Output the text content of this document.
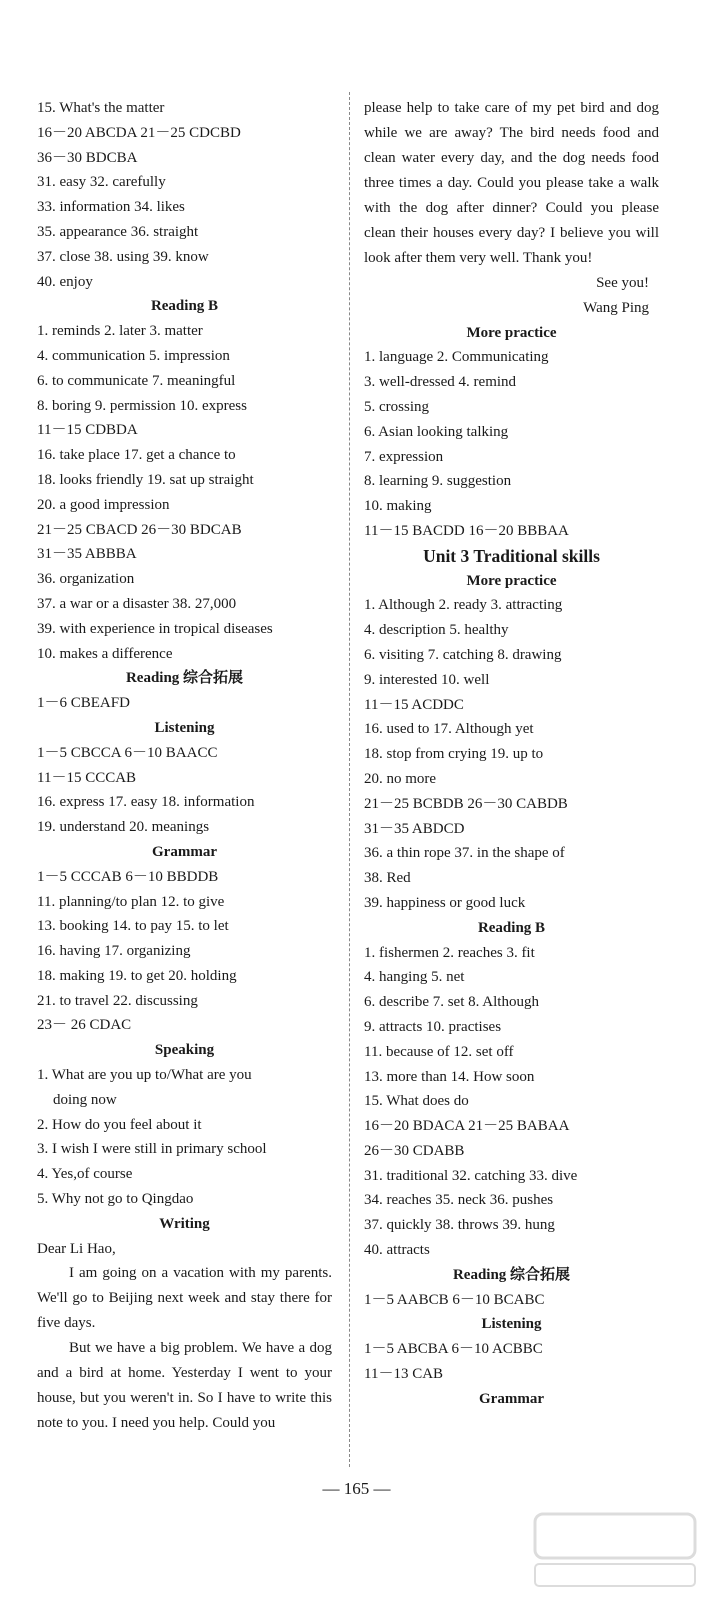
15. What's the matter
16－20 ABCDA 21－25 CDCBD
36－30 BDCBA
31. easy 32. carefully
33. information 34. likes
35. appearance 36. straight
37. close 38. using 39. know
40. enjoy
Reading B
1. reminds 2. later 3. matter
4. communication 5. impression
6. to communicate 7. meaningful
8. boring 9. permission 10. express
11－15 CDBDA
16. take place 17. get a chance to
18. looks friendly 19. sat up straight
20. a good impression
21－25 CBACD 26－30 BDCAB
31－35 ABBBA
36. organization
37. a war or a disaster 38. 27,000
39. with experience in tropical diseases
10. makes a difference
Reading 综合拓展
1－6 CBEAFD
Listening
1－5 CBCCA 6－10 BAACC
11－15 CCCAB
16. express 17. easy 18. information
19. understand 20. meanings
Grammar
1－5 CCCAB 6－10 BBDDB
11. planning/to plan 12. to give
13. booking 14. to pay 15. to let
16. having 17. organizing
18. making 19. to get 20. holding
21. to travel 22. discussing
23－ 26 CDAC
Speaking
1. What are you up to/What are you
doing now
2. How do you feel about it
3. I wish I were still in primary school
4. Yes,of course
5. Why not go to Qingdao
Writing
Dear Li Hao,

I am going on a vacation with my parents. We'll go to Beijing next week and stay there for five days.

But we have a big problem. We have a dog and a bird at home. Yesterday I went to your house, but you weren't in. So I have to write this note to you. I need you help. Could you

please help to take care of my pet bird and dog while we are away? The bird needs food and clean water every day, and the dog needs food three times a day. Could you please take a walk with the dog after dinner? Could you please clean their houses every day? I believe you will look after them very well. Thank you!

See you!
Wang Ping
More practice
1. language 2. Communicating
3. well-dressed 4. remind
5. crossing
6. Asian looking talking
7. expression
8. learning 9. suggestion
10. making
11－15 BACDD 16－20 BBBAA
Unit 3 Traditional skills
More practice
1. Although 2. ready 3. attracting
4. description 5. healthy
6. visiting 7. catching 8. drawing
9. interested 10. well
11－15 ACDDC
16. used to 17. Although yet
18. stop from crying 19. up to
20. no more
21－25 BCBDB 26－30 CABDB
31－35 ABDCD
36. a thin rope 37. in the shape of
38. Red
39. happiness or good luck
Reading B
1. fishermen 2. reaches 3. fit
4. hanging 5. net
6. describe 7. set 8. Although
9. attracts 10. practises
11. because of 12. set off
13. more than 14. How soon
15. What does do
16－20 BDACA 21－25 BABAA
26－30 CDABB
31. traditional 32. catching 33. dive
34. reaches 35. neck 36. pushes
37. quickly 38. throws 39. hung
40. attracts
Reading 综合拓展
1－5 AABCB 6－10 BCABC
Listening
1－5 ABCBA 6－10 ACBBC
11－13 CAB
Grammar
— 165 —
